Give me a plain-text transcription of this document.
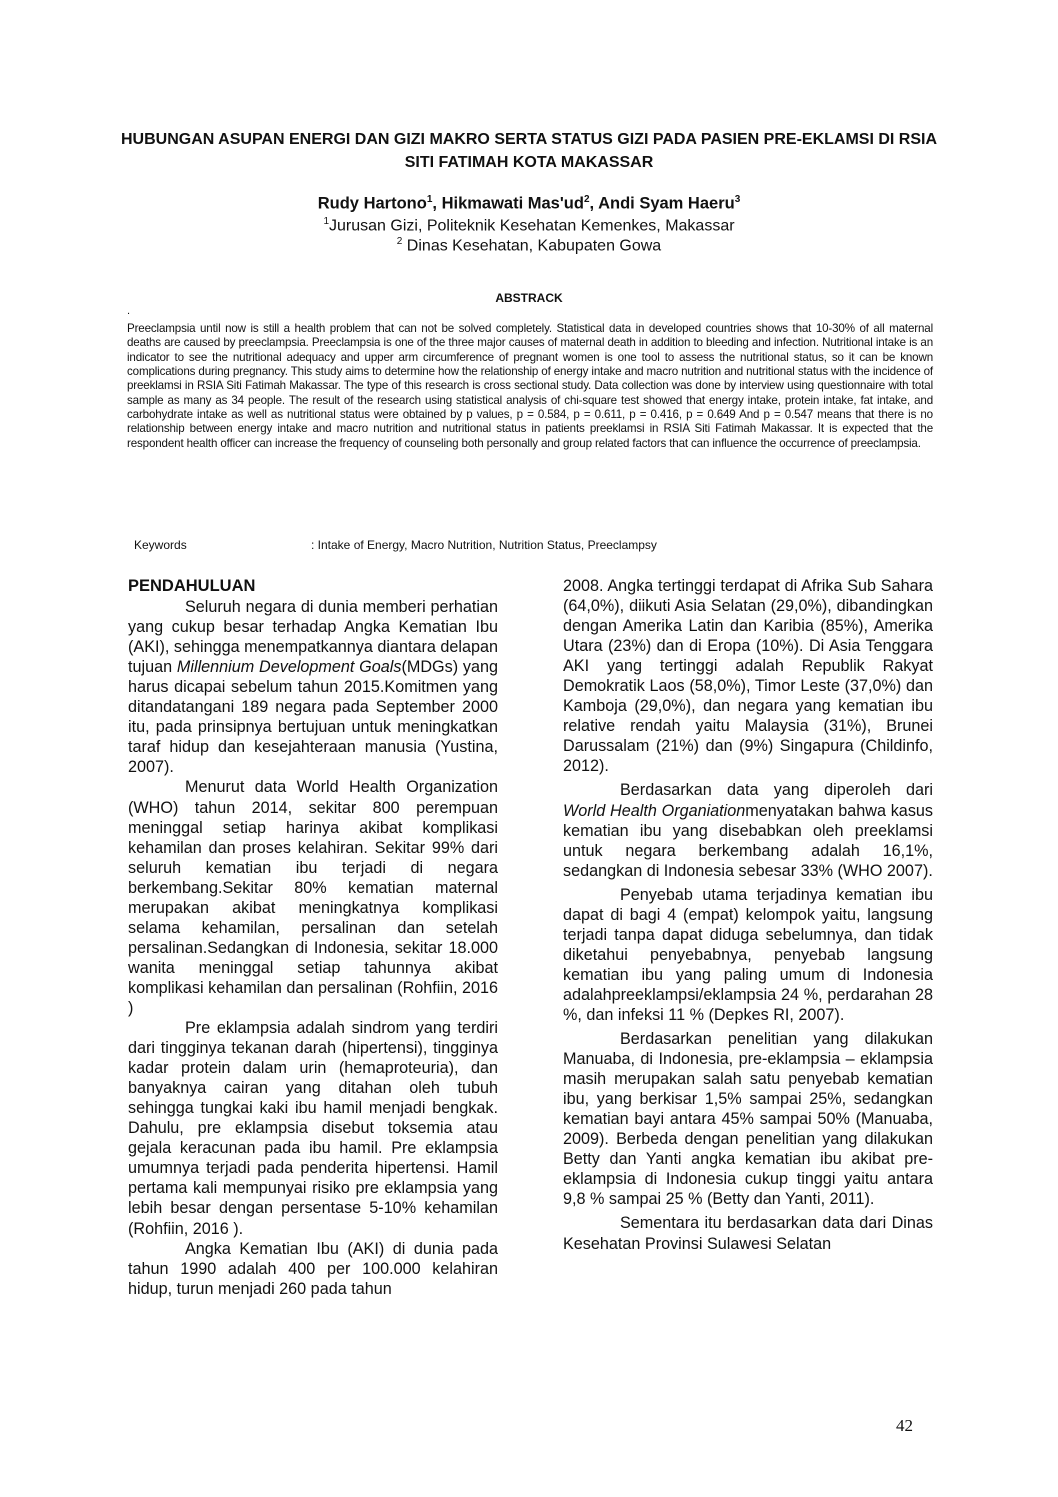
HUBUNGAN ASUPAN ENERGI DAN GIZI MAKRO SERTA STATUS GIZI PADA PASIEN PRE-EKLAMSI DI RSIA SITI FATIMAH KOTA MAKASSAR
Rudy Hartono$^1$, Hikmawati $Mas'ud^2$, Andi Syam Haeru$^3$
$^1$Jurusan Gizi, Politeknik Kesehatan Kemenkes, Makassar
$^2$ Dinas Kesehatan, Kabupaten Gowa
ABSTRACK
.

Preeclampsia until now is still a health problem that can not be solved completely. Statistical data in developed countries shows that 10-30% of all maternal deaths are caused by preeclampsia. Preeclampsia is one of the three major causes of maternal death in addition to bleeding and infection. Nutritional intake is an indicator to see the nutritional adequacy and upper arm circumference of pregnant women is one tool to assess the nutritional status, so it can be known complications during pregnancy. This study aims to determine how the relationship of energy intake and macro nutrition and nutritional status with the incidence of preeklamsi in RSIA Siti Fatimah Makassar. The type of this research is cross sectional study. Data collection was done by interview using questionnaire with total sample as many as 34 people. The result of the research using statistical analysis of chi-square test showed that energy intake, protein intake, fat intake, and carbohydrate intake as well as nutritional status were obtained by p values, p = 0.584, p = 0.611, p = 0.416, p = 0.649 And p = 0.547 means that there is no relationship between energy intake and macro nutrition and nutritional status in patients preeklamsi in RSIA Siti Fatimah Makassar. It is expected that the respondent health officer can increase the frequency of counseling both personally and group related factors that can influence the occurrence of preeclampsia.

Keywords	: Intake of Energy, Macro Nutrition, Nutrition Status, Preeclampsy
PENDAHULUAN

Seluruh negara di dunia memberi perhatian yang cukup besar terhadap Angka Kematian Ibu (AKI), sehingga menempatkannya diantara delapan tujuan Millennium Development Goals(MDGs) yang harus dicapai sebelum tahun 2015.Komitmen yang ditandatangani 189 negara pada September 2000 itu, pada prinsipnya bertujuan untuk meningkatkan taraf hidup dan kesejahteraan manusia (Yustina, 2007).

Menurut data World Health Organization (WHO) tahun 2014, sekitar 800 perempuan meninggal setiap harinya akibat komplikasi kehamilan dan proses kelahiran. Sekitar 99% dari seluruh kematian ibu terjadi di negara berkembang.Sekitar 80% kematian maternal merupakan akibat meningkatnya komplikasi selama kehamilan, persalinan dan setelah persalinan.Sedangkan di Indonesia, sekitar 18.000 wanita meninggal setiap tahunnya akibat komplikasi kehamilan dan persalinan (Rohfiin, 2016 )

Pre eklampsia adalah sindrom yang terdiri dari tingginya tekanan darah (hipertensi), tingginya kadar protein dalam urin (hemaproteuria), dan banyaknya cairan yang ditahan oleh tubuh sehingga tungkai kaki ibu hamil menjadi bengkak. Dahulu, pre eklampsia disebut toksemia atau gejala keracunan pada ibu hamil. Pre eklampsia umumnya terjadi pada penderita hipertensi. Hamil pertama kali mempunyai risiko pre eklampsia yang lebih besar dengan persentase 5-10% kehamilan (Rohfiin, 2016 ).

Angka Kematian Ibu (AKI) di dunia pada tahun 1990 adalah 400 per 100.000 kelahiran hidup, turun menjadi 260 pada tahun

2008. Angka tertinggi terdapat di Afrika Sub Sahara (64,0%), diikuti Asia Selatan (29,0%), dibandingkan dengan Amerika Latin dan Karibia (85%), Amerika Utara (23%) dan di Eropa (10%). Di Asia Tenggara AKI yang tertinggi adalah Republik Rakyat Demokratik Laos (58,0%), Timor Leste (37,0%) dan Kamboja (29,0%), dan negara yang kematian ibu relative rendah yaitu Malaysia (31%), Brunei Darussalam (21%) dan (9%) Singapura (Childinfo, 2012).

Berdasarkan data yang diperoleh dari World Health Organiationmenyatakan bahwa kasus kematian ibu yang disebabkan oleh preeklamsi untuk negara berkembang adalah 16,1%, sedangkan di Indonesia sebesar 33% (WHO 2007).

Penyebab utama terjadinya kematian ibu dapat di bagi 4 (empat) kelompok yaitu, langsung terjadi tanpa dapat diduga sebelumnya, dan tidak diketahui penyebabnya, penyebab langsung kematian ibu yang paling umum di Indonesia adalahpreeklampsi/eklampsia 24 %, perdarahan 28 %, dan infeksi 11 % (Depkes RI, 2007).

Berdasarkan penelitian yang dilakukan Manuaba, di Indonesia, pre-eklampsia – eklampsia masih merupakan salah satu penyebab kematian ibu, yang berkisar 1,5% sampai 25%, sedangkan kematian bayi antara 45% sampai 50% (Manuaba, 2009). Berbeda dengan penelitian yang dilakukan Betty dan Yanti angka kematian ibu akibat pre-eklampsia di Indonesia cukup tinggi yaitu antara 9,8 % sampai 25 % (Betty dan Yanti, 2011).

Sementara itu berdasarkan data dari Dinas Kesehatan Provinsi Sulawesi Selatan

42
